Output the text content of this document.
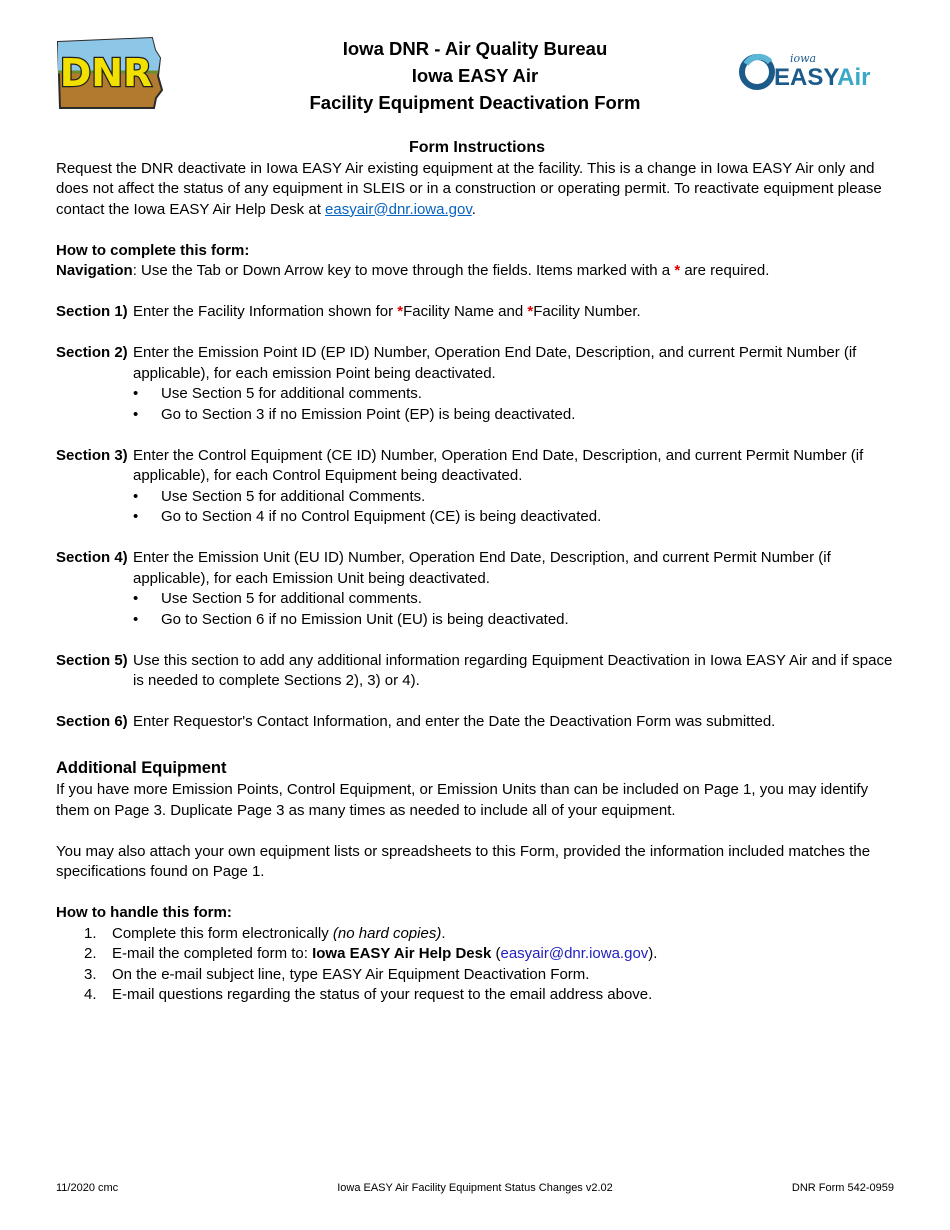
DNR	iowa
EASYAir
Iowa DNR - Air Quality Bureau
Iowa EASY Air
Facility Equipment Deactivation Form
Form Instructions

Request the DNR deactivate in Iowa EASY Air existing equipment at the facility. This is a change in Iowa EASY Air only and does not affect the status of any equipment in SLEIS or in a construction or operating permit. To reactivate equipment please contact the Iowa EASY Air Help Desk at easyair@dnr.iowa.gov.

How to complete this form:

Navigation: Use the Tab or Down Arrow key to move through the fields. Items marked with a * are required.

Section 1) Enter the Facility Information shown for *Facility Name and *Facility Number.
Section 2) Enter the Emission Point ID (EP ID) Number, Operation End Date, Description, and current Permit Number (if applicable), for each emission Point being deactivated.

• Use Section 5 for additional comments.
• Go to Section 3 if no Emission Point (EP) is being deactivated.
Section 3) Enter the Control Equipment (CE ID) Number, Operation End Date, Description, and current Permit Number (if applicable), for each Control Equipment being deactivated.

• Use Section 5 for additional Comments.
• Go to Section 4 if no Control Equipment (CE) is being deactivated.
Section 4) Enter the Emission Unit (EU ID) Number, Operation End Date, Description, and current Permit Number (if applicable), for each Emission Unit being deactivated.

• Use Section 5 for additional comments.
• Go to Section 6 if no Emission Unit (EU) is being deactivated.
Section 5) Use this section to add any additional information regarding Equipment Deactivation in Iowa EASY Air and if space is needed to complete Sections 2), 3) or 4).
Section 6) Enter Requestor's Contact Information, and enter the Date the Deactivation Form was submitted.
Additional Equipment

If you have more Emission Points, Control Equipment, or Emission Units than can be included on Page 1, you may identify them on Page 3. Duplicate Page 3 as many times as needed to include all of your equipment.

You may also attach your own equipment lists or spreadsheets to this Form, provided the information included matches the specifications found on Page 1.

How to handle this form:

1.	Complete this form electronically (no hard copies).
2.	E-mail the completed form to: Iowa EASY Air Help Desk (easyair@dnr.iowa.gov).
3.	On the e-mail subject line, type EASY Air Equipment Deactivation Form.
4.	E-mail questions regarding the status of your request to the email address above.
11/2020 cmc	Iowa EASY Air Facility Equipment Status Changes v2.02	DNR Form 542-0959
